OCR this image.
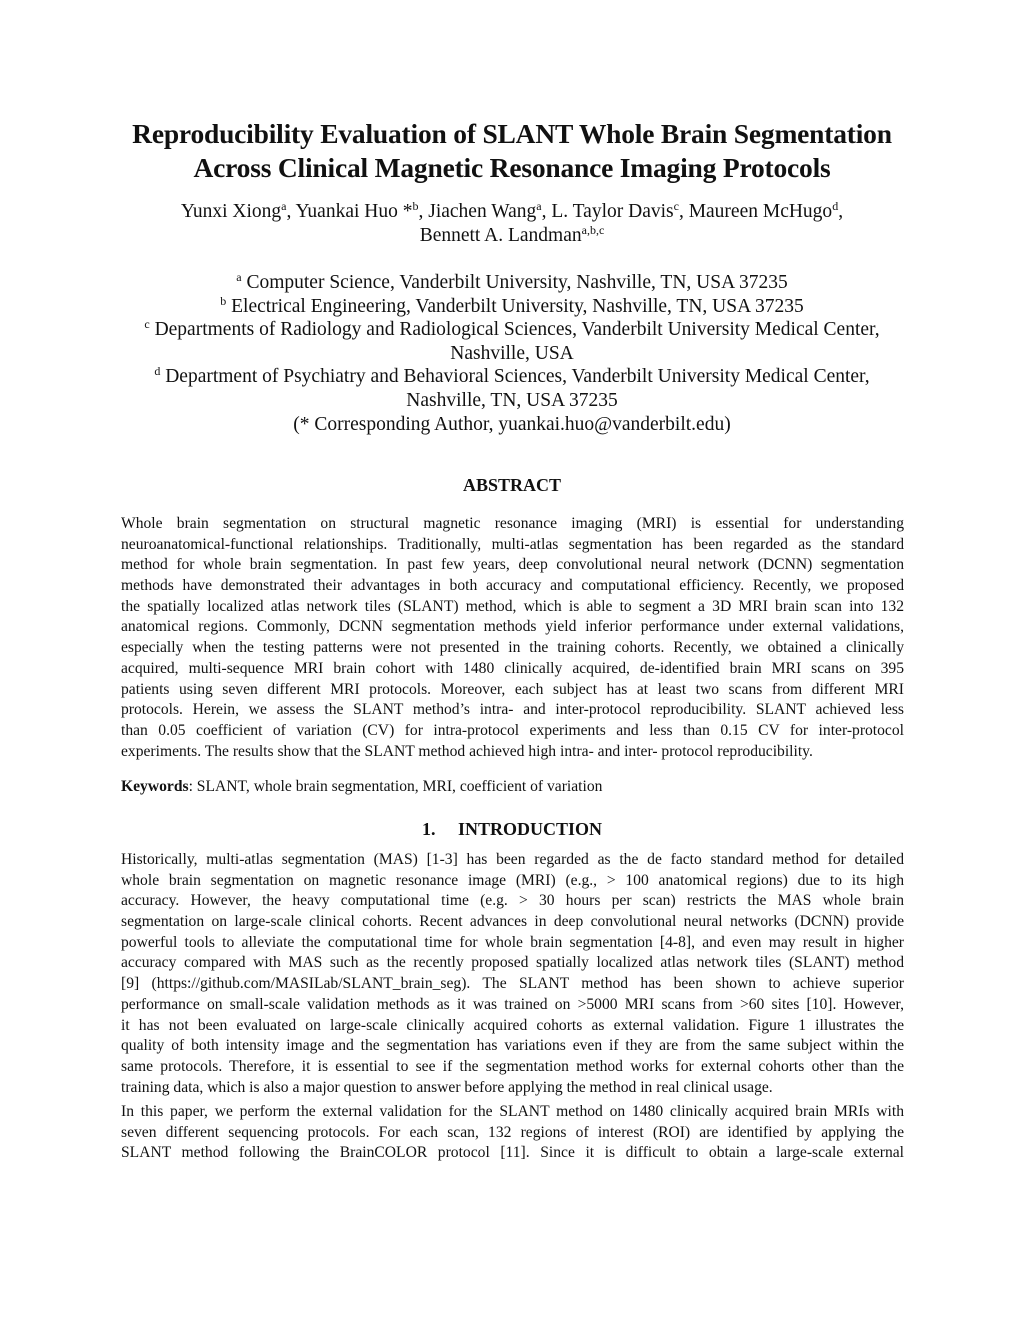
Reproducibility Evaluation of SLANT Whole Brain Segmentation
Across Clinical Magnetic Resonance Imaging Protocols
Yunxi Xiong$^a$, Yuankai Huo *$^b$, Jiachen Wang$^a$, L. Taylor Davis$^c$, Maureen McHugo$^d$,
Bennett A. Landman$^{a,b,c}$
$^a$ Computer Science, Vanderbilt University, Nashville, TN, USA 37235
$^b$ Electrical Engineering, Vanderbilt University, Nashville, TN, USA 37235
$^c$ Departments of Radiology and Radiological Sciences, Vanderbilt University Medical Center,
Nashville, USA
$^d$ Department of Psychiatry and Behavioral Sciences, Vanderbilt University Medical Center,
Nashville, TN, USA 37235
(* Corresponding Author, yuankai.huo@vanderbilt.edu)
ABSTRACT
Whole brain segmentation on structural magnetic resonance imaging (MRI) is essential for understanding
neuroanatomical-functional relationships. Traditionally, multi-atlas segmentation has been regarded as the standard
method for whole brain segmentation. In past few years, deep convolutional neural network (DCNN) segmentation
methods have demonstrated their advantages in both accuracy and computational efficiency. Recently, we proposed
the spatially localized atlas network tiles (SLANT) method, which is able to segment a 3D MRI brain scan into 132
anatomical regions. Commonly, DCNN segmentation methods yield inferior performance under external validations,
especially when the testing patterns were not presented in the training cohorts. Recently, we obtained a clinically
acquired, multi-sequence MRI brain cohort with 1480 clinically acquired, de-identified brain MRI scans on 395
patients using seven different MRI protocols. Moreover, each subject has at least two scans from different MRI
protocols. Herein, we assess the SLANT method’s intra- and inter-protocol reproducibility. SLANT achieved less
than 0.05 coefficient of variation (CV) for intra-protocol experiments and less than 0.15 CV for inter-protocol
experiments. The results show that the SLANT method achieved high intra- and inter- protocol reproducibility.
Keywords: SLANT, whole brain segmentation, MRI, coefficient of variation
1.     INTRODUCTION
Historically, multi-atlas segmentation (MAS) [1-3] has been regarded as the de facto standard method for detailed
whole brain segmentation on magnetic resonance image (MRI) (e.g., > 100 anatomical regions) due to its high
accuracy. However, the heavy computational time (e.g. > 30 hours per scan) restricts the MAS whole brain
segmentation on large-scale clinical cohorts. Recent advances in deep convolutional neural networks (DCNN) provide
powerful tools to alleviate the computational time for whole brain segmentation [4-8], and even may result in higher
accuracy compared with MAS such as the recently proposed spatially localized atlas network tiles (SLANT) method
[9] (https://github.com/MASILab/SLANT_brain_seg). The SLANT method has been shown to achieve superior
performance on small-scale validation methods as it was trained on >5000 MRI scans from >60 sites [10]. However,
it has not been evaluated on large-scale clinically acquired cohorts as external validation. Figure 1 illustrates the
quality of both intensity image and the segmentation has variations even if they are from the same subject within the
same protocols. Therefore, it is essential to see if the segmentation method works for external cohorts other than the
training data, which is also a major question to answer before applying the method in real clinical usage.
In this paper, we perform the external validation for the SLANT method on 1480 clinically acquired brain MRIs with
seven different sequencing protocols. For each scan, 132 regions of interest (ROI) are identified by applying the
SLANT method following the BrainCOLOR protocol [11]. Since it is difficult to obtain a large-scale external
